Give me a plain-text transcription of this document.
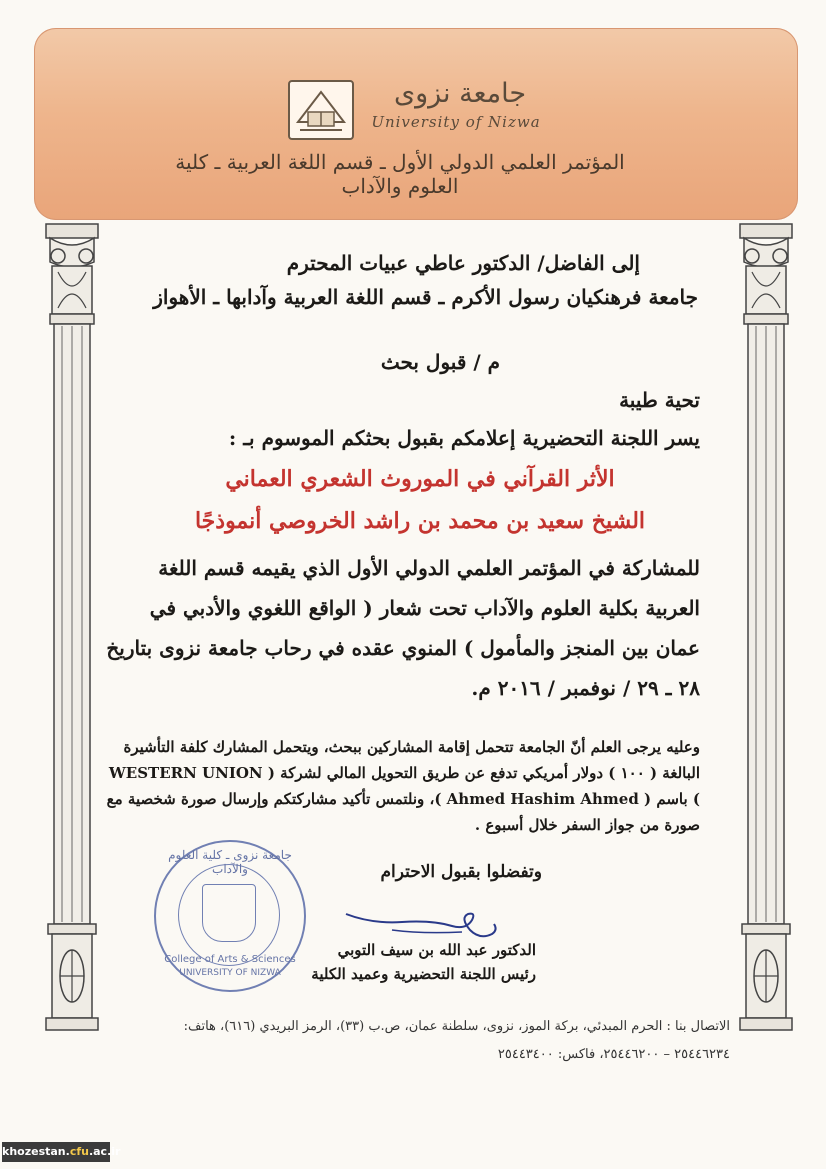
جامعة نزوى
University of Nizwa
المؤتمر العلمي الدولي الأول ـ قسم اللغة العربية ـ كلية العلوم والآداب
إلى الفاضل/ الدكتور عاطي عبيات المحترم
جامعة فرهنكيان رسول الأكرم ـ قسم اللغة العربية وآدابها ـ الأهواز
م / قبول بحث
تحية طيبة
يسر اللجنة التحضيرية إعلامكم بقبول بحثكم الموسوم بـ :
الأثر القرآني في الموروث الشعري العماني
الشيخ سعيد بن محمد بن راشد الخروصي أنموذجًا
للمشاركة في المؤتمر العلمي الدولي الأول الذي يقيمه قسم اللغة العربية بكلية العلوم والآداب تحت شعار ( الواقع اللغوي والأدبي في عمان بين المنجز والمأمول ) المنوي عقده في رحاب جامعة نزوى بتاريخ ٢٨ ـ ٢٩ / نوفمبر / ٢٠١٦ م.
وعليه يرجى العلم أنّ الجامعة تتحمل إقامة المشاركين ببحث، ويتحمل المشارك كلفة التأشيرة البالغة ( ١٠٠ ) دولار أمريكي تدفع عن طريق التحويل المالي لشركة ( WESTERN UNION ) باسم ( Ahmed Hashim Ahmed )، ونلتمس تأكيد مشاركتكم وإرسال صورة شخصية مع صورة من جواز السفر خلال أسبوع .
وتفضلوا بقبول الاحترام
جامعة نزوى ـ كلية العلوم والآداب
College of Arts & Sciences
UNIVERSITY OF NIZWA
الدكتور عبد الله بن سيف التوبي
رئيس اللجنة التحضيرية وعميد الكلية
الاتصال بنا : الحرم المبدئي، بركة الموز، نزوى، سلطنة عمان، ص.ب (٣٣)، الرمز البريدي (٦١٦)، هاتف:
٢٥٤٤٦٢٣٤ – ٢٥٤٤٦٢٠٠، فاكس: ٢٥٤٤٣٤٠٠
khozestan.cfu.ac.ir
